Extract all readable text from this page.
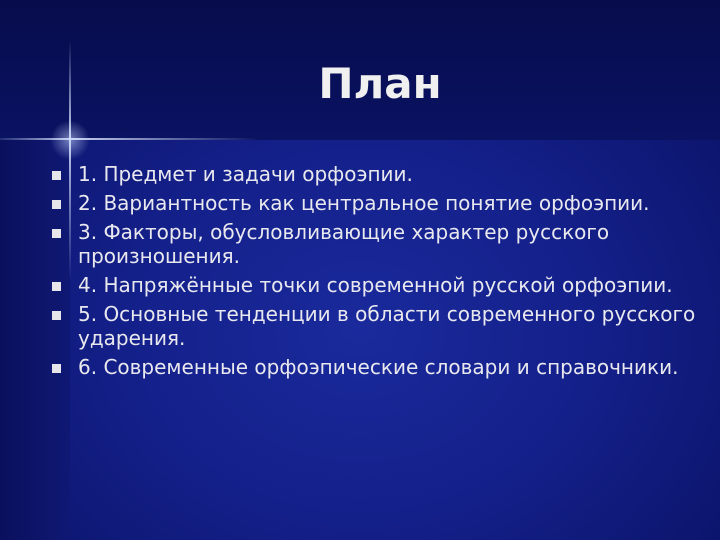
План
1. Предмет и задачи орфоэпии.
2. Вариантность как центральное понятие орфоэпии.
3. Факторы, обусловливающие характер русского произношения.
4. Напряжённые точки современной русской орфоэпии.
5. Основные тенденции в области современного русского ударения.
6. Современные орфоэпические словари и справочники.
